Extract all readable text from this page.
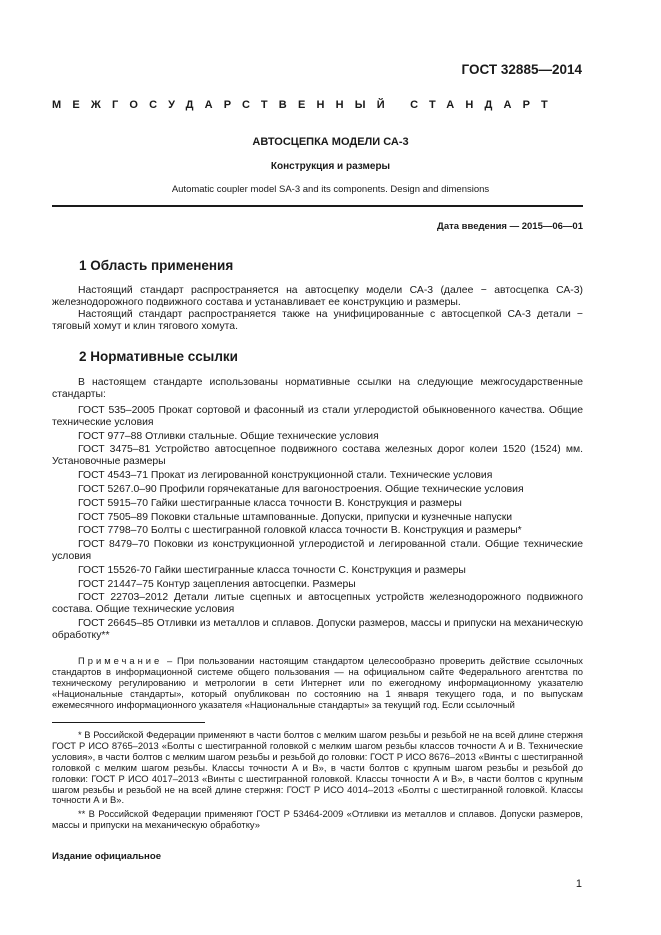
ГОСТ 32885—2014
МЕЖГОСУДАРСТВЕННЫЙ СТАНДАРТ
АВТОСЦЕПКА МОДЕЛИ СА-3
Конструкция и размеры
Automatic coupler model SA-3 and its components. Design and dimensions
Дата введения — 2015—06—01
1 Область применения
Настоящий стандарт распространяется на автосцепку модели СА-3 (далее − автосцепка СА-3) железнодорожного подвижного состава и устанавливает ее конструкцию и размеры.
Настоящий стандарт распространяется также на унифицированные с автосцепкой СА-3 детали − тяговый хомут и клин тягового хомута.
2 Нормативные ссылки
В настоящем стандарте использованы нормативные ссылки на следующие межгосударственные стандарты:
ГОСТ 535–2005 Прокат сортовой и фасонный из стали углеродистой обыкновенного качества. Общие технические условия
ГОСТ 977–88 Отливки стальные. Общие технические условия
ГОСТ 3475–81 Устройство автосцепное подвижного состава железных дорог колеи 1520 (1524) мм. Установочные размеры
ГОСТ 4543–71 Прокат из легированной конструкционной стали. Технические условия
ГОСТ 5267.0–90 Профили горячекатаные для вагоностроения. Общие технические условия
ГОСТ 5915–70 Гайки шестигранные класса точности В. Конструкция и размеры
ГОСТ 7505–89 Поковки стальные штампованные. Допуски, припуски и кузнечные напуски
ГОСТ 7798–70 Болты с шестигранной головкой класса точности В. Конструкция и размеры*
ГОСТ 8479–70 Поковки из конструкционной углеродистой и легированной стали. Общие технические условия
ГОСТ 15526-70 Гайки шестигранные класса точности С. Конструкция и размеры
ГОСТ 21447–75 Контур зацепления автосцепки. Размеры
ГОСТ 22703–2012 Детали литые сцепных и автосцепных устройств железнодорожного подвижного состава. Общие технические условия
ГОСТ 26645–85 Отливки из металлов и сплавов. Допуски размеров, массы и припуски на механическую обработку**
Примечание – При пользовании настоящим стандартом целесообразно проверить действие ссылочных стандартов в информационной системе общего пользования — на официальном сайте Федерального агентства по техническому регулированию и метрологии в сети Интернет или по ежегодному информационному указателю «Национальные стандарты», который опубликован по состоянию на 1 января текущего года, и по выпускам ежемесячного информационного указателя «Национальные стандарты» за текущий год. Если ссылочный
* В Российской Федерации применяют в части болтов с мелким шагом резьбы и резьбой не на всей длине стержня ГОСТ Р ИСО 8765–2013 «Болты с шестигранной головкой с мелким шагом резьбы классов точности А и В. Технические условия», в части болтов с мелким шагом резьбы и резьбой до головки: ГОСТ Р ИСО 8676–2013 «Винты с шестигранной головкой с мелким шагом резьбы. Классы точности А и В», в части болтов с крупным шагом резьбы и резьбой до головки: ГОСТ Р ИСО 4017–2013 «Винты с шестигранной головкой. Классы точности А и В», в части болтов с крупным шагом резьбы и резьбой не на всей длине стержня: ГОСТ Р ИСО 4014–2013 «Болты с шестигранной головкой. Классы точности А и В».
** В Российской Федерации применяют ГОСТ Р 53464-2009 «Отливки из металлов и сплавов. Допуски размеров, массы и припуски на механическую обработку»
Издание официальное
1
